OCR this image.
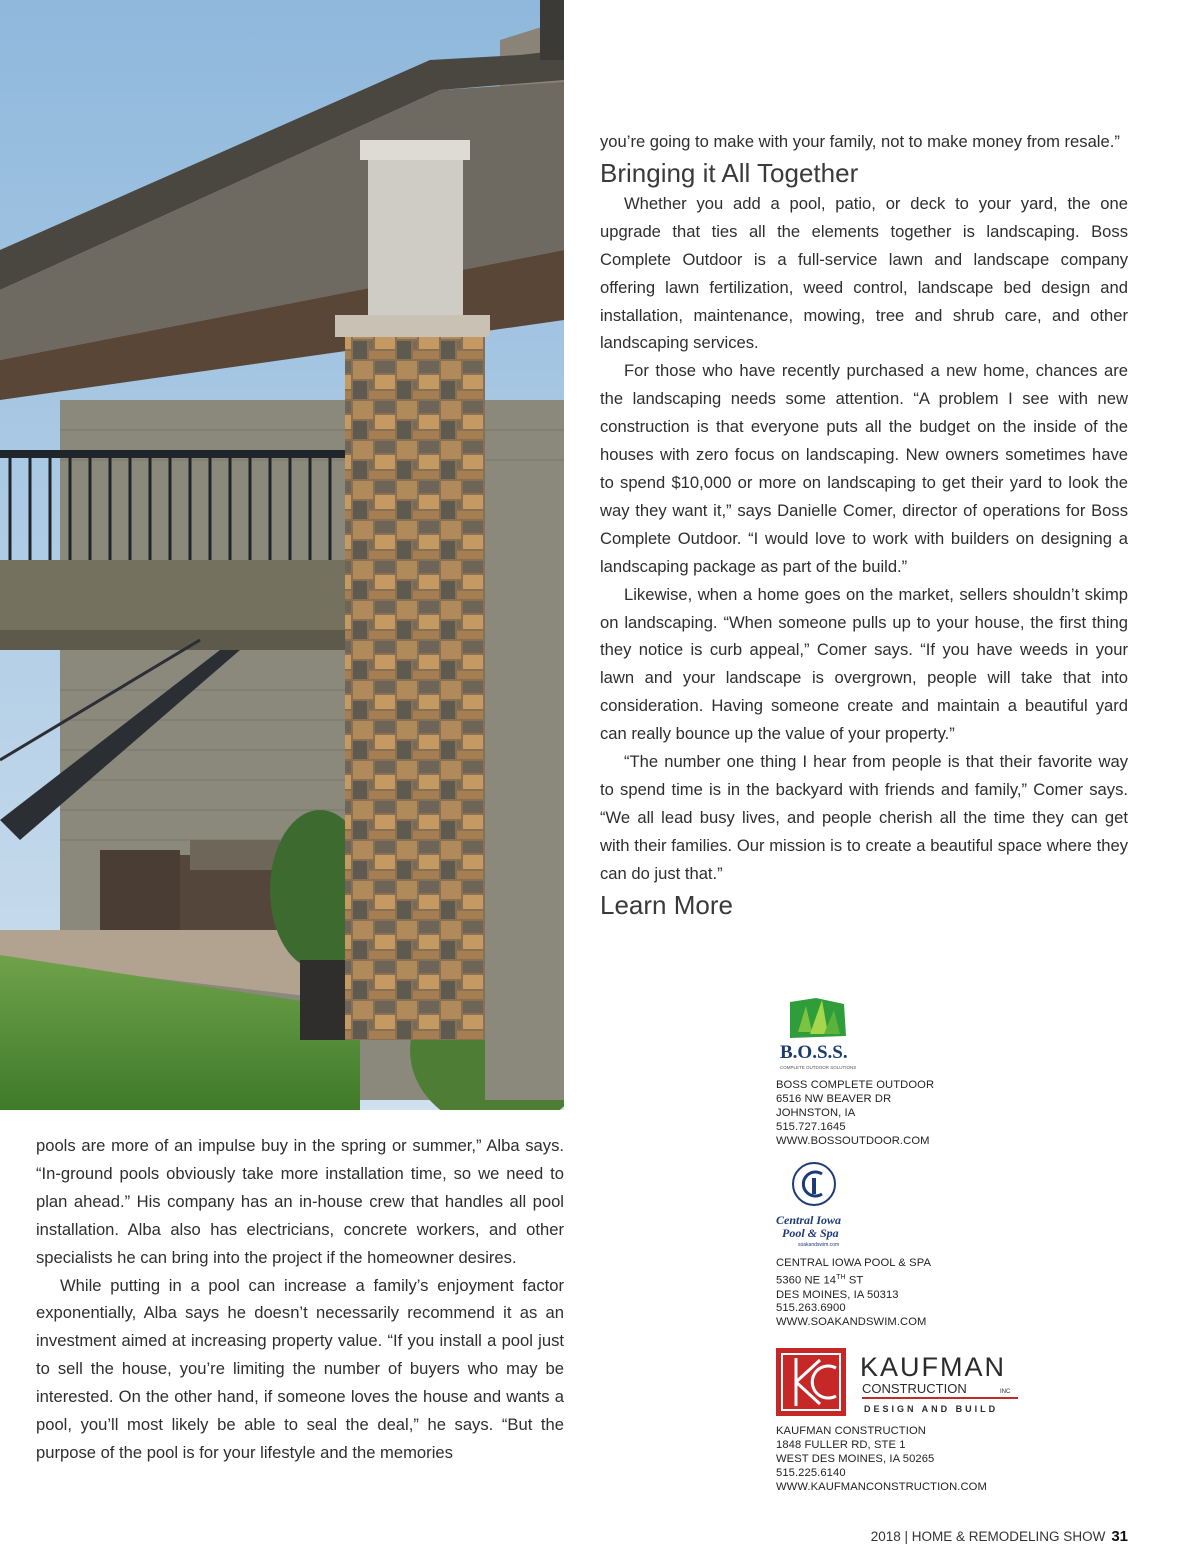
you’re going to make with your family, not to make money from resale.”

Bringing it All Together

Whether you add a pool, patio, or deck to your yard, the one upgrade that ties all the elements together is landscaping. Boss Complete Outdoor is a full-service lawn and landscape company offering lawn fertilization, weed control, landscape bed design and installation, maintenance, mowing, tree and shrub care, and other landscaping services.

For those who have recently purchased a new home, chances are the landscaping needs some attention. “A problem I see with new construction is that everyone puts all the budget on the inside of the houses with zero focus on landscaping. New owners sometimes have to spend $10,000 or more on landscaping to get their yard to look the way they want it,” says Danielle Comer, director of operations for Boss Complete Outdoor. “I would love to work with builders on designing a landscaping package as part of the build.”

Likewise, when a home goes on the market, sellers shouldn’t skimp on landscaping. “When someone pulls up to your house, the first thing they notice is curb appeal,” Comer says. “If you have weeds in your lawn and your landscape is overgrown, people will take that into consideration. Having someone create and maintain a beautiful yard can really bounce up the value of your property.”

“The number one thing I hear from people is that their favorite way to spend time is in the backyard with friends and family,” Comer says. “We all lead busy lives, and people cherish all the time they can get with their families. Our mission is to create a beautiful space where they can do just that.”

Learn More

pools are more of an impulse buy in the spring or summer,” Alba says. “In-ground pools obviously take more installation time, so we need to plan ahead.” His company has an in-house crew that handles all pool installation. Alba also has electricians, concrete workers, and other specialists he can bring into the project if the homeowner desires.

While putting in a pool can increase a family’s enjoyment factor exponentially, Alba says he doesn’t necessarily recommend it as an investment aimed at increasing property value. “If you install a pool just to sell the house, you’re limiting the number of buyers who may be interested. On the other hand, if someone loves the house and wants a pool, you’ll most likely be able to seal the deal,” he says. “But the purpose of the pool is for your lifestyle and the memories

B.O.S.S.
COMPLETE OUTDOOR SOLUTIONS
BOSS COMPLETE OUTDOOR
6516 NW BEAVER DR
JOHNSTON, IA
515.727.1645
WWW.BOSSOUTDOOR.COM
Central Iowa
Pool & Spa
soakandswim.com
CENTRAL IOWA POOL & SPA
5360 NE 14TH ST
DES MOINES, IA 50313
515.263.6900
WWW.SOAKANDSWIM.COM
KAUFMAN
CONSTRUCTION	INC
DESIGN AND BUILD
KAUFMAN CONSTRUCTION
1848 FULLER RD, STE 1
WEST DES MOINES, IA 50265
515.225.6140
WWW.KAUFMANCONSTRUCTION.COM
2018 | HOME & REMODELING SHOW 31
